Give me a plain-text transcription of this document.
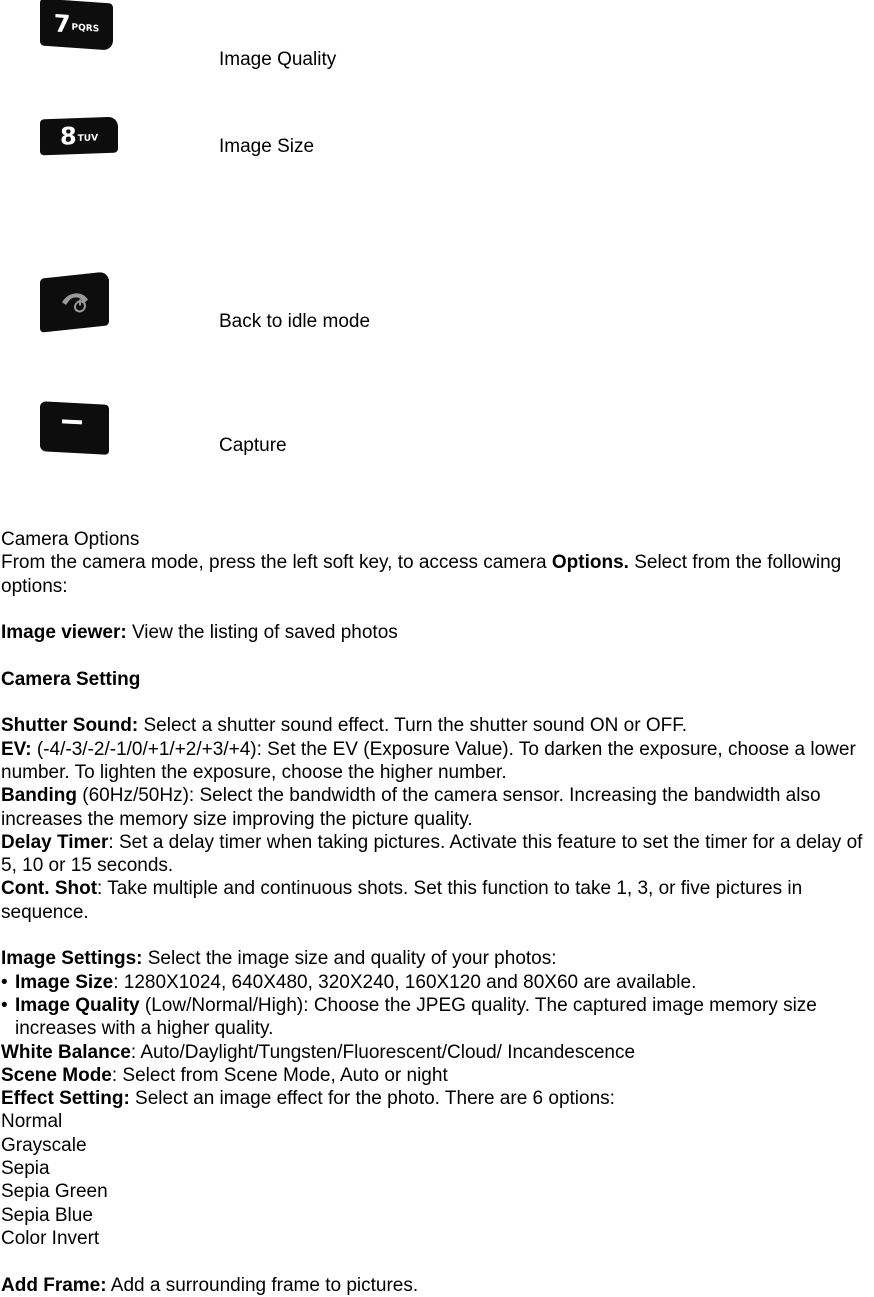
7 PQRS
Image Quality
8 TUV	Image Size
Back to idle mode
Capture

Camera Options

From the camera mode, press the left soft key, to access camera Options. Select from the following options:

Image viewer: View the listing of saved photos

Camera Setting

Shutter Sound: Select a shutter sound effect. Turn the shutter sound ON or OFF.

EV: (-4/-3/-2/-1/0/+1/+2/+3/+4): Set the EV (Exposure Value). To darken the exposure, choose a lower number. To lighten the exposure, choose the higher number.

Banding (60Hz/50Hz): Select the bandwidth of the camera sensor. Increasing the bandwidth also increases the memory size improving the picture quality.

Delay Timer: Set a delay timer when taking pictures. Activate this feature to set the timer for a delay of 5, 10 or 15 seconds.

Cont. Shot: Take multiple and continuous shots. Set this function to take 1, 3, or five pictures in sequence.

Image Settings: Select the image size and quality of your photos:

• Image Size: 1280X1024, 640X480, 320X240, 160X120 and 80X60 are available.
• Image Quality (Low/Normal/High): Choose the JPEG quality. The captured image memory size increases with a higher quality.

White Balance: Auto/Daylight/Tungsten/Fluorescent/Cloud/ Incandescence

Scene Mode: Select from Scene Mode, Auto or night

Effect Setting: Select an image effect for the photo. There are 6 options:

Normal

Grayscale

Sepia

Sepia Green

Sepia Blue

Color Invert

Add Frame: Add a surrounding frame to pictures.
